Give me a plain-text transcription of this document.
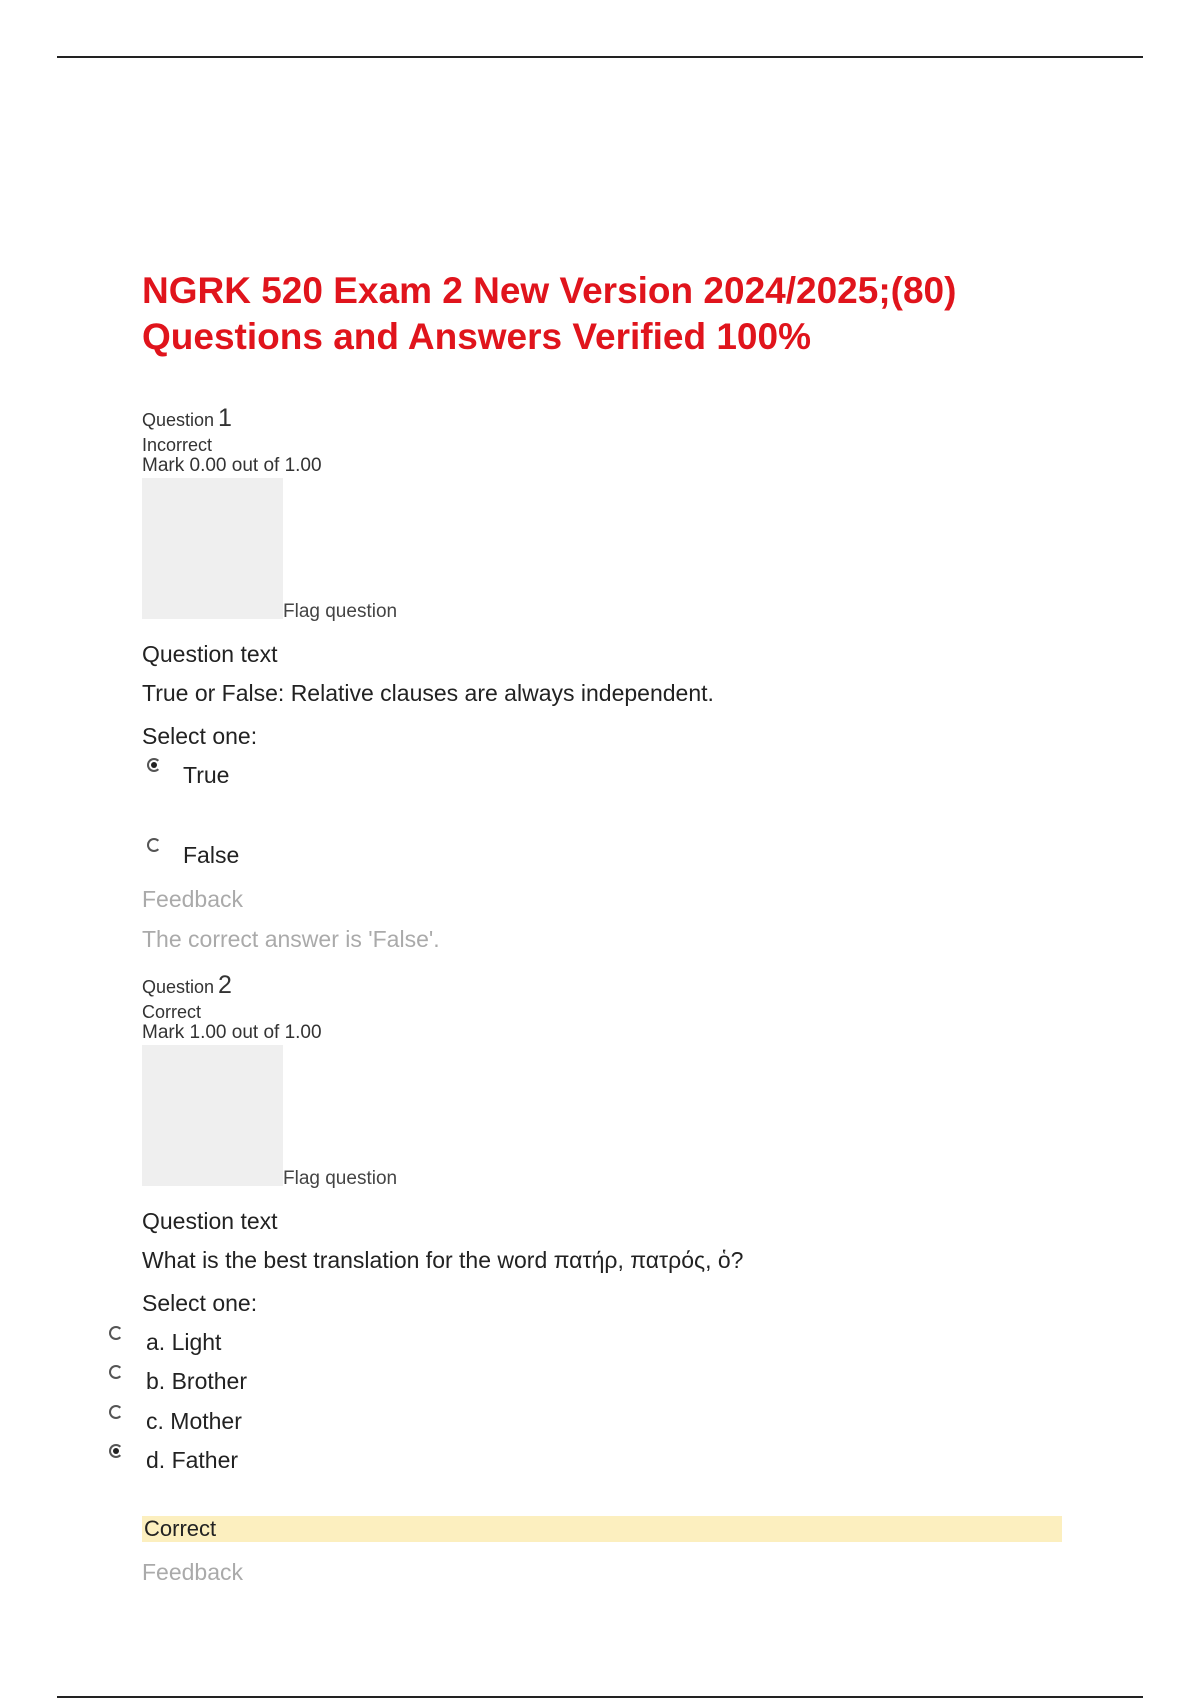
NGRK 520 Exam 2 New Version 2024/2025;(80) Questions and Answers Verified 100%
Question 1
Incorrect
Mark 0.00 out of 1.00
Flag question
Question text
True or False: Relative clauses are always independent.
Select one:
True
False
Feedback
The correct answer is 'False'.
Question 2
Correct
Mark 1.00 out of 1.00
Flag question
Question text
What is the best translation for the word πατήρ, πατρός, ὁ?
Select one:
a. Light
b. Brother
c. Mother
d. Father
Correct
Feedback
